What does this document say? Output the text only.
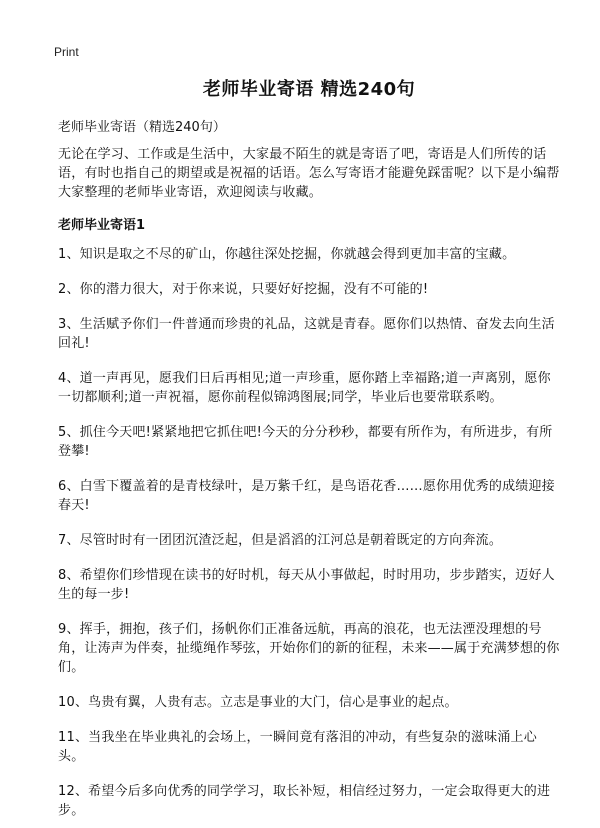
Print
老师毕业寄语 精选240句
老师毕业寄语（精选240句）
无论在学习、工作或是生活中，大家最不陌生的就是寄语了吧，寄语是人们所传的话语，有时也指自己的期望或是祝福的话语。怎么写寄语才能避免踩雷呢？以下是小编帮大家整理的老师毕业寄语，欢迎阅读与收藏。
老师毕业寄语1

1、知识是取之不尽的矿山，你越往深处挖掘，你就越会得到更加丰富的宝藏。

2、你的潜力很大，对于你来说，只要好好挖掘，没有不可能的!

3、生活赋予你们一件普通而珍贵的礼品，这就是青春。愿你们以热情、奋发去向生活回礼!

4、道一声再见，愿我们日后再相见;道一声珍重，愿你踏上幸福路;道一声离别，愿你一切都顺利;道一声祝福，愿你前程似锦鸿图展;同学，毕业后也要常联系哟。

5、抓住今天吧!紧紧地把它抓住吧!今天的分分秒秒，都要有所作为，有所进步，有所登攀!

6、白雪下覆盖着的是青枝绿叶，是万紫千红，是鸟语花香……愿你用优秀的成绩迎接春天!

7、尽管时时有一团团沉渣泛起，但是滔滔的江河总是朝着既定的方向奔流。

8、希望你们珍惜现在读书的好时机，每天从小事做起，时时用功，步步踏实，迈好人生的每一步!

9、挥手，拥抱，孩子们，扬帆你们正准备远航，再高的浪花，也无法湮没理想的号角，让涛声为伴奏，扯缆绳作琴弦，开始你们的新的征程，未来——属于充满梦想的你们。

10、鸟贵有翼，人贵有志。立志是事业的大门，信心是事业的起点。

11、当我坐在毕业典礼的会场上，一瞬间竟有落泪的冲动，有些复杂的滋味涌上心头。

12、希望今后多向优秀的同学学习，取长补短，相信经过努力，一定会取得更大的进步。
